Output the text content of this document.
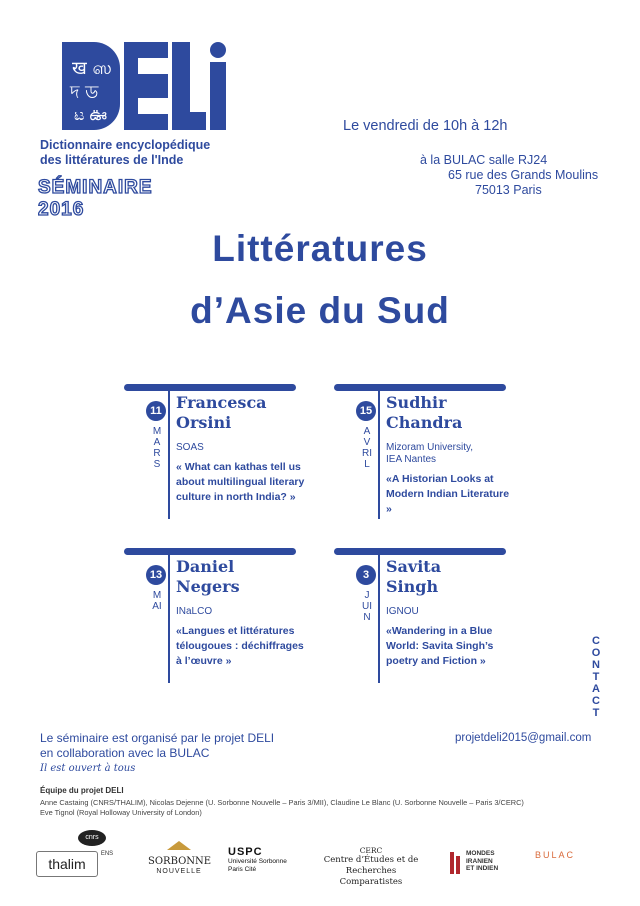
ख ஸ
দ ড
ಟ ఊ
Dictionnaire encyclopédique
des littératures de l'Inde
SÉMINAIRE
2016
Le vendredi de 10h à 12h
à la BULAC salle RJ24
65 rue des Grands Moulins
75013 Paris
Littératures
d’Asie du Sud
11
MARS
Francesca
Orsini
SOAS
« What can kathas tell us about multilingual literary culture in north India? »
15
AVRIL
Sudhir
Chandra
Mizoram University,
IEA Nantes
«A Historian Looks at Modern Indian Literature »
13
MAI
Daniel
Negers
INaLCO
«Langues et littératures télougoues : déchiffrages à l’œuvre »
3
JUIN
Savita
Singh
IGNOU
«Wandering in a Blue World: Savita Singh’s poetry and Fiction »
CONTACT
projetdeli2015@gmail.com
Le séminaire est organisé par le projet DELI
en collaboration avec la BULAC
Il est ouvert à tous
Équipe du projet DELI
Anne Castaing (CNRS/THALIM), Nicolas Dejenne (U. Sorbonne Nouvelle – Paris 3/MII), Claudine Le Blanc (U. Sorbonne Nouvelle – Paris 3/CERC)
Eve Tignol (Royal Holloway University of London)
thalim
cnrs
ENS
SORBONNE
NOUVELLE
USPC
Université Sorbonne
Paris Cité
CERC
Centre d’Études et de
Recherches Comparatistes
MONDES
IRANIEN
ET INDIEN
BULAC
